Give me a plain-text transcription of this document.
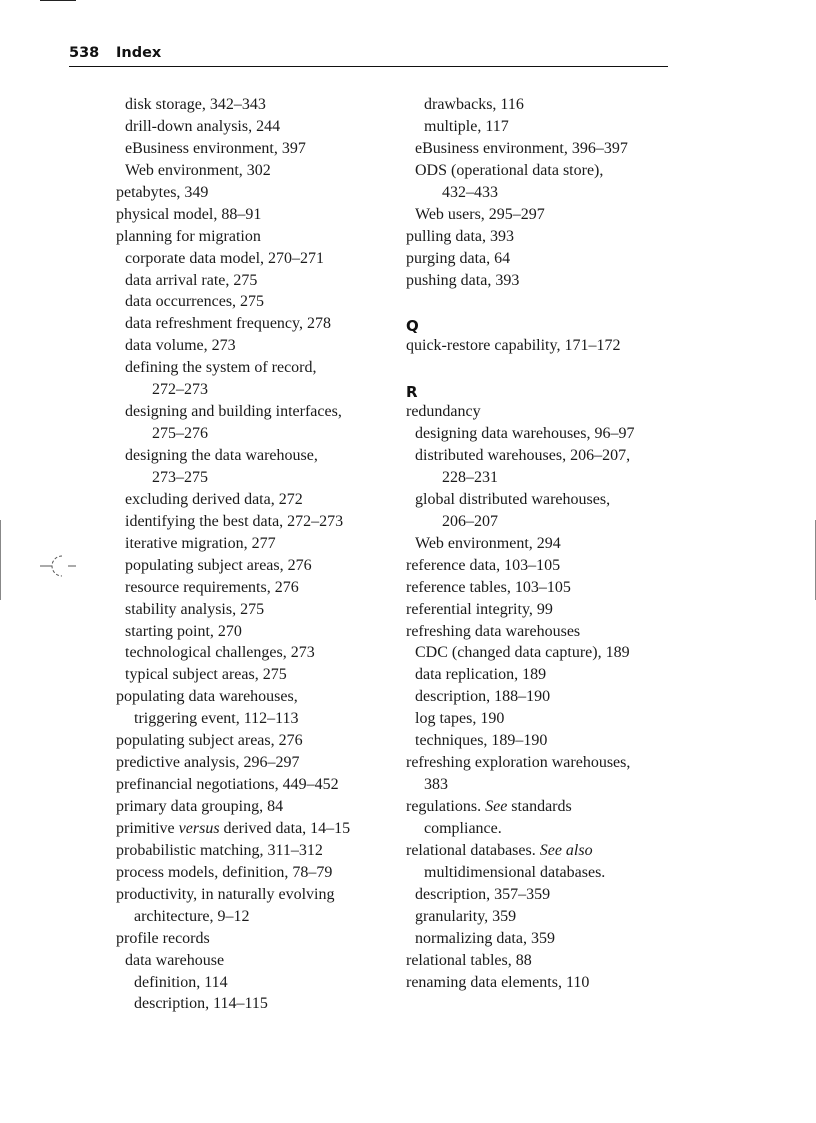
538 Index
disk storage, 342–343
drill-down analysis, 244
eBusiness environment, 397
Web environment, 302
petabytes, 349
physical model, 88–91
planning for migration
corporate data model, 270–271
data arrival rate, 275
data occurrences, 275
data refreshment frequency, 278
data volume, 273
defining the system of record,
272–273
designing and building interfaces,
275–276
designing the data warehouse,
273–275
excluding derived data, 272
identifying the best data, 272–273
iterative migration, 277
populating subject areas, 276
resource requirements, 276
stability analysis, 275
starting point, 270
technological challenges, 273
typical subject areas, 275
populating data warehouses,
triggering event, 112–113
populating subject areas, 276
predictive analysis, 296–297
prefinancial negotiations, 449–452
primary data grouping, 84
primitive versus derived data, 14–15
probabilistic matching, 311–312
process models, definition, 78–79
productivity, in naturally evolving
architecture, 9–12
profile records
data warehouse
definition, 114
description, 114–115
drawbacks, 116
multiple, 117
eBusiness environment, 396–397
ODS (operational data store),
432–433
Web users, 295–297
pulling data, 393
purging data, 64
pushing data, 393
Q
quick-restore capability, 171–172
R
redundancy
designing data warehouses, 96–97
distributed warehouses, 206–207,
228–231
global distributed warehouses,
206–207
Web environment, 294
reference data, 103–105
reference tables, 103–105
referential integrity, 99
refreshing data warehouses
CDC (changed data capture), 189
data replication, 189
description, 188–190
log tapes, 190
techniques, 189–190
refreshing exploration warehouses,
383
regulations. See standards
compliance.
relational databases. See also
multidimensional databases.
description, 357–359
granularity, 359
normalizing data, 359
relational tables, 88
renaming data elements, 110
